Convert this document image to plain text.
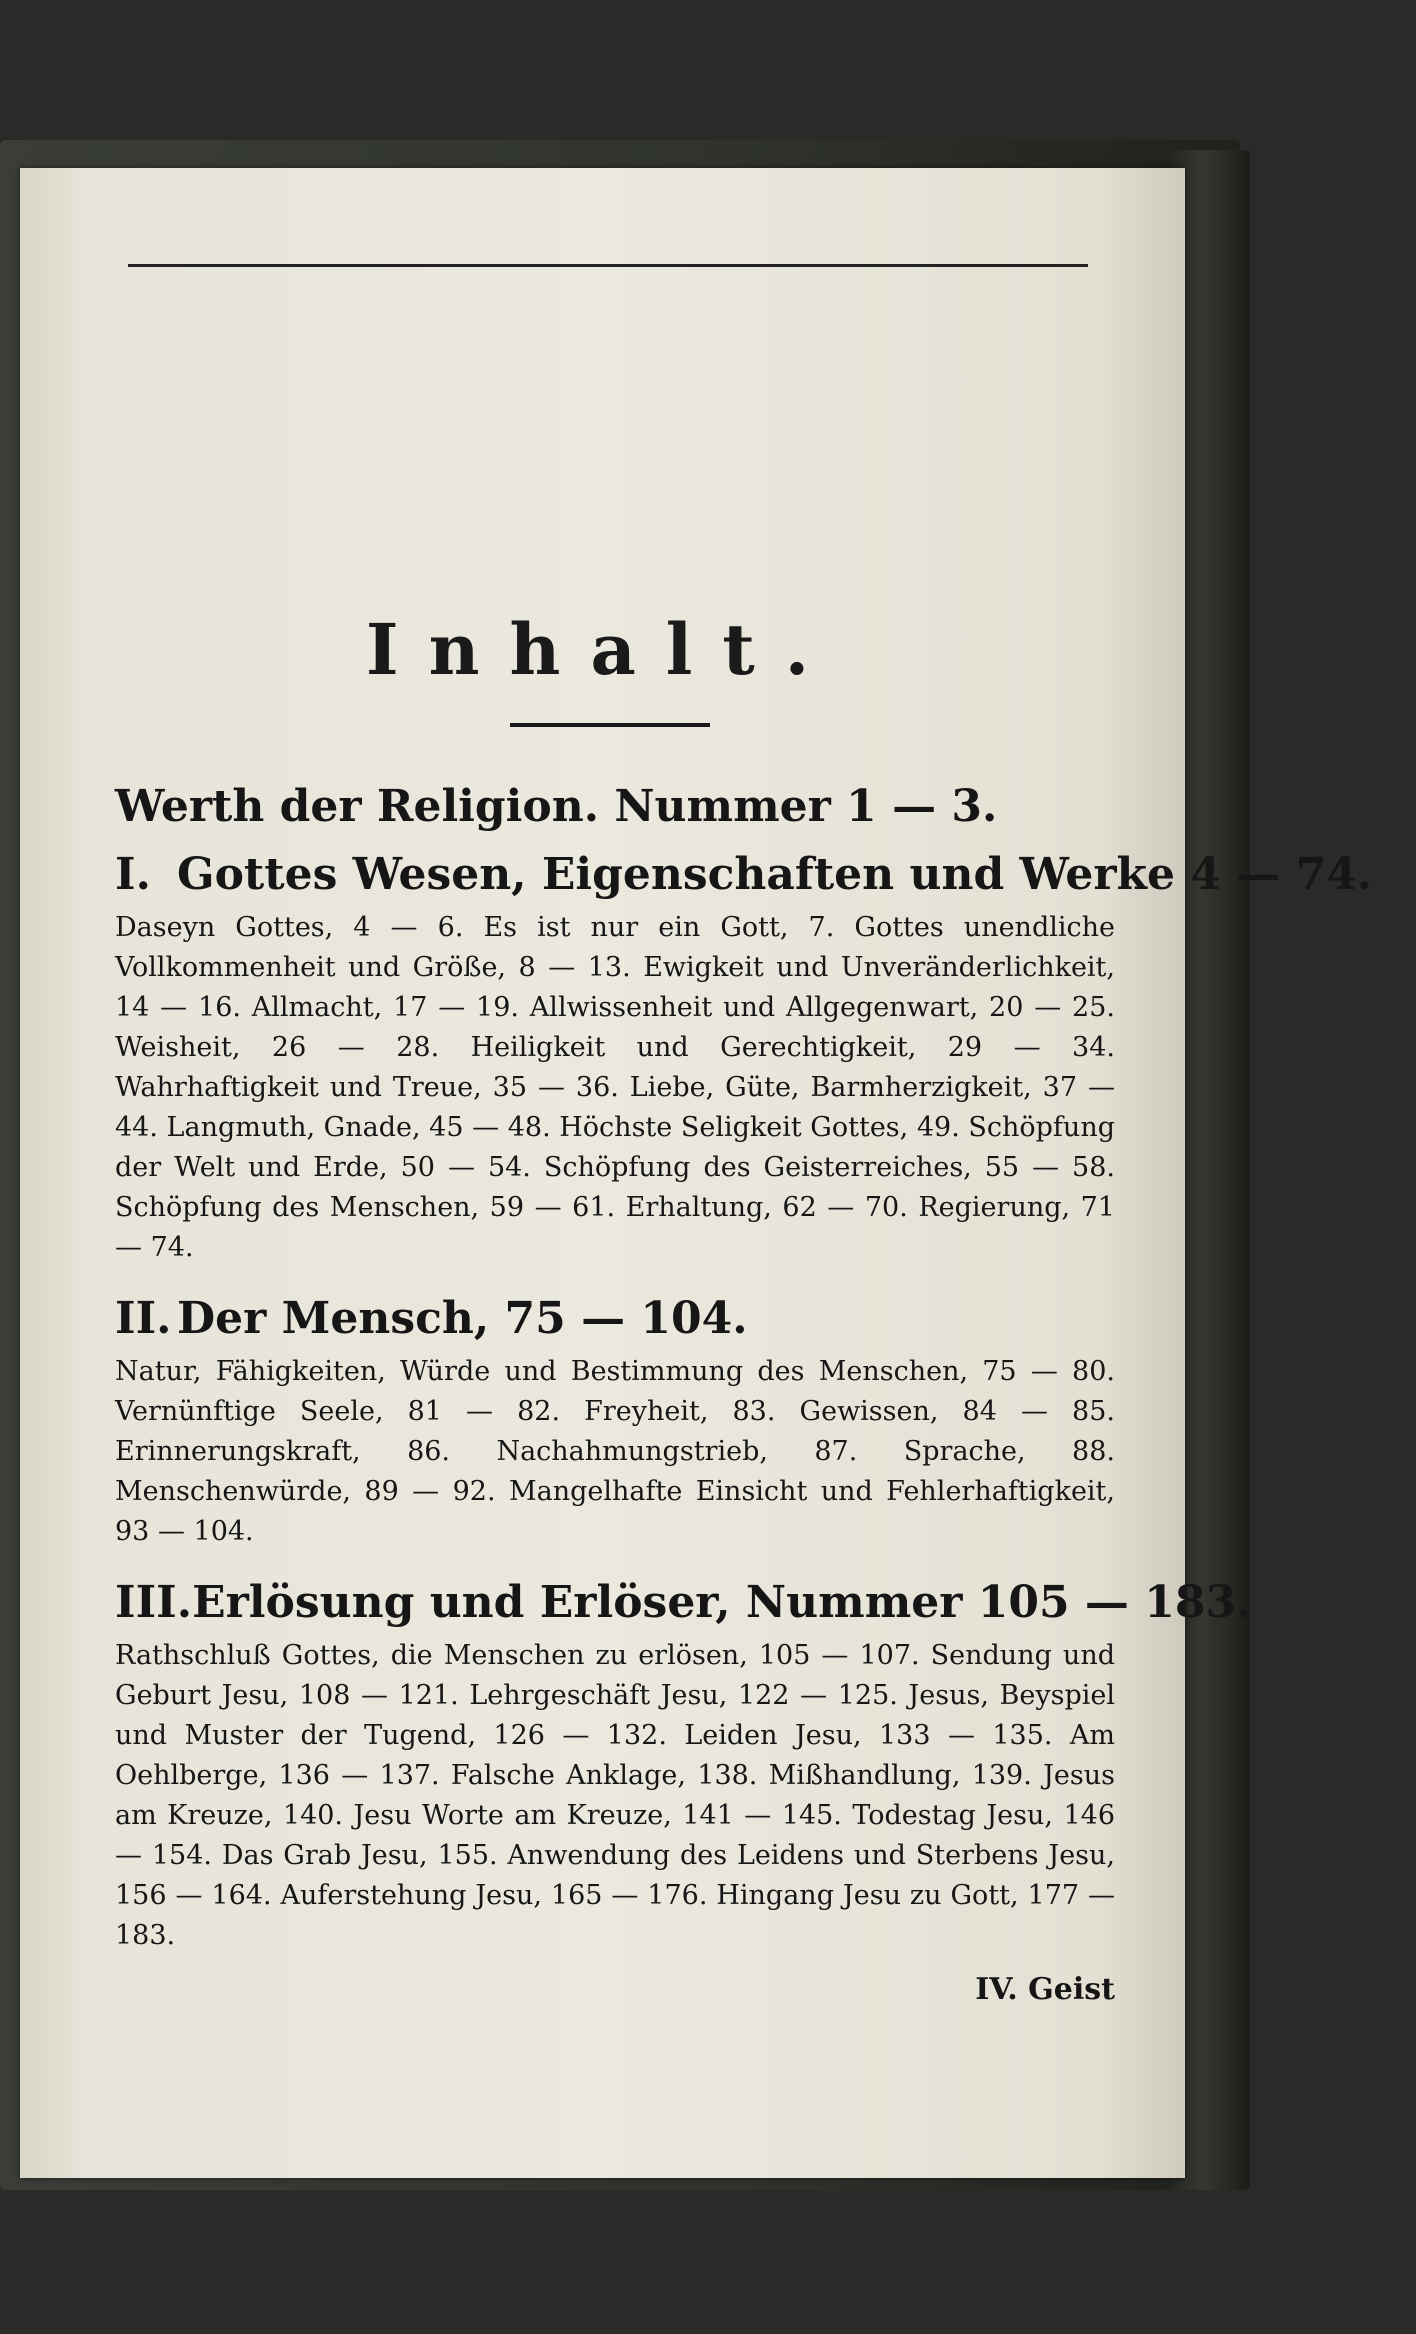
Inhalt.
Werth der Religion. Nummer 1 — 3.
I. Gottes Wesen, Eigenschaften und Werke 4 — 74.

Daseyn Gottes, 4 — 6. Es ist nur ein Gott, 7. Gottes unendliche Vollkommenheit und Größe, 8 — 13. Ewigkeit und Unveränderlichkeit, 14 — 16. Allmacht, 17 — 19. Allwissenheit und Allgegenwart, 20 — 25. Weisheit, 26 — 28. Heiligkeit und Gerechtigkeit, 29 — 34. Wahrhaftigkeit und Treue, 35 — 36. Liebe, Güte, Barmherzigkeit, 37 — 44. Langmuth, Gnade, 45 — 48. Höchste Seligkeit Gottes, 49. Schöpfung der Welt und Erde, 50 — 54. Schöpfung des Geisterreiches, 55 — 58. Schöpfung des Menschen, 59 — 61. Erhaltung, 62 — 70. Regierung, 71 — 74.

II. Der Mensch, 75 — 104.

Natur, Fähigkeiten, Würde und Bestimmung des Menschen, 75 — 80. Vernünftige Seele, 81 — 82. Freyheit, 83. Gewissen, 84 — 85. Erinnerungskraft, 86. Nachahmungstrieb, 87. Sprache, 88. Menschenwürde, 89 — 92. Mangelhafte Einsicht und Fehlerhaftigkeit, 93 — 104.

III.Erlösung und Erlöser, Nummer 105 — 183.

Rathschluß Gottes, die Menschen zu erlösen, 105 — 107. Sendung und Geburt Jesu, 108 — 121. Lehrgeschäft Jesu, 122 — 125. Jesus, Beyspiel und Muster der Tugend, 126 — 132. Leiden Jesu, 133 — 135. Am Oehlberge, 136 — 137. Falsche Anklage, 138. Mißhandlung, 139. Jesus am Kreuze, 140. Jesu Worte am Kreuze, 141 — 145. Todestag Jesu, 146 — 154. Das Grab Jesu, 155. Anwendung des Leidens und Sterbens Jesu, 156 — 164. Auferstehung Jesu, 165 — 176. Hingang Jesu zu Gott, 177 — 183.

IV. Geist
